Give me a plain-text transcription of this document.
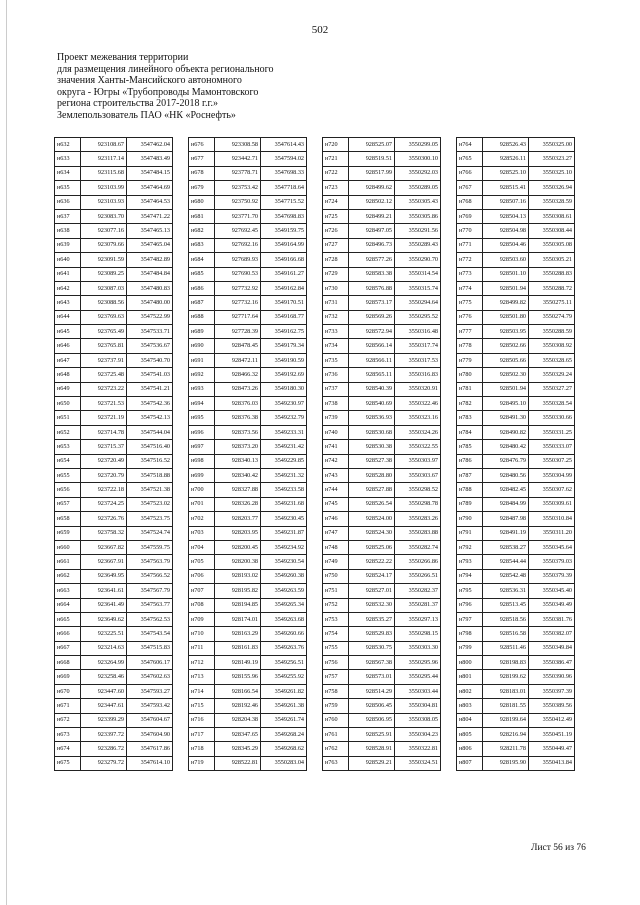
502
Проект межевания территории
для размещения линейного объекта регионального
значения Ханты-Мансийского автономного
округа - Югры «Трубопроводы Мамонтовского
региона строительства 2017-2018 г.г.»
Землепользователь ПАО «НК «Роснефть»
н632	923108.67	3547462.04
н633	923117.14	3547483.49
н634	923115.68	3547484.15
н635	923103.99	3547464.69
н636	923103.93	3547464.53
н637	923083.70	3547471.22
н638	923077.16	3547465.13
н639	923079.66	3547465.04
н640	923091.59	3547482.89
н641	923089.25	3547484.84
н642	923087.03	3547480.83
н643	923088.56	3547480.00
н644	923769.63	3547522.99
н645	923765.49	3547533.71
н646	923765.81	3547536.67
н647	923737.91	3547540.70
н648	923725.48	3547541.03
н649	923723.22	3547541.21
н650	923721.53	3547542.36
н651	923721.19	3547542.13
н652	923714.78	3547544.04
н653	923715.37	3547516.40
н654	923720.49	3547516.52
н655	923720.79	3547518.88
н656	923722.18	3547521.38
н657	923724.25	3547523.02
н658	923726.76	3547523.75
н659	923758.32	3547524.74
н660	923667.82	3547559.75
н661	923667.91	3547563.79
н662	923649.95	3547566.52
н663	923641.61	3547567.79
н664	923641.49	3547563.77
н665	923649.62	3547562.53
н666	923225.51	3547543.54
н667	923214.63	3547515.83
н668	923264.99	3547606.17
н669	923258.46	3547602.63
н670	923447.60	3547593.27
н671	923447.61	3547593.42
н672	923399.29	3547604.67
н673	923397.72	3547604.90
н674	923286.72	3547617.86
н675	923279.72	3547614.10
н676	923308.58	3547614.43
н677	923442.71	3547594.02
н678	923778.71	3547698.33
н679	923753.42	3547718.64
н680	923750.92	3547715.52
н681	923771.70	3547698.83
н682	927692.45	3549159.75
н683	927692.16	3549164.99
н684	927689.93	3549166.68
н685	927690.53	3549161.27
н686	927732.92	3549162.84
н687	927732.16	3549170.51
н688	927717.64	3549168.77
н689	927728.39	3549162.75
н690	928478.45	3549179.34
н691	928472.11	3549190.59
н692	928466.32	3549192.69
н693	928473.26	3549180.30
н694	928376.03	3549230.97
н695	928376.38	3549232.79
н696	928373.56	3549233.31
н697	928373.20	3549231.42
н698	928340.13	3549229.85
н699	928340.42	3549231.32
н700	928327.88	3549233.58
н701	928326.28	3549231.68
н702	928203.77	3549230.45
н703	928203.95	3549231.87
н704	928200.45	3549234.92
н705	928200.38	3549230.54
н706	928193.02	3549260.38
н707	928195.82	3549263.59
н708	928194.85	3549265.34
н709	928174.01	3549263.68
н710	928163.29	3549260.66
н711	928161.83	3549263.76
н712	928149.19	3549256.51
н713	928155.96	3549255.92
н714	928166.54	3549261.82
н715	928192.46	3549261.38
н716	928204.38	3549261.74
н717	928347.65	3549268.24
н718	928345.29	3549268.62
н719	928522.81	3550283.04
н720	928525.07	3550299.05
н721	928519.51	3550300.10
н722	928517.99	3550292.03
н723	928499.62	3550289.05
н724	928502.12	3550305.43
н725	928499.21	3550305.86
н726	928497.05	3550291.56
н727	928496.73	3550289.43
н728	928577.26	3550290.70
н729	928583.38	3550314.54
н730	928576.88	3550315.74
н731	928573.17	3550294.64
н732	928569.26	3550295.52
н733	928572.94	3550316.48
н734	928566.14	3550317.74
н735	928566.11	3550317.53
н736	928565.11	3550316.83
н737	928540.39	3550320.91
н738	928540.69	3550322.46
н739	928536.93	3550323.16
н740	928530.68	3550324.26
н741	928530.38	3550322.55
н742	928527.38	3550303.97
н743	928528.80	3550303.67
н744	928527.88	3550298.52
н745	928526.54	3550298.78
н746	928524.00	3550283.26
н747	928524.30	3550283.88
н748	928525.06	3550282.74
н749	928522.22	3550266.86
н750	928524.17	3550266.51
н751	928527.01	3550282.37
н752	928532.30	3550281.37
н753	928535.27	3550297.13
н754	928529.83	3550298.15
н755	928530.75	3550303.30
н756	928567.38	3550295.96
н757	928573.01	3550295.44
н758	928514.29	3550303.44
н759	928506.45	3550304.81
н760	928506.95	3550308.05
н761	928525.91	3550304.23
н762	928528.91	3550322.81
н763	928529.21	3550324.51
н764	928526.43	3550325.00
н765	928526.11	3550323.27
н766	928525.10	3550325.10
н767	928515.41	3550326.94
н768	928507.16	3550328.59
н769	928504.13	3550308.61
н770	928504.98	3550308.44
н771	928504.46	3550305.08
н772	928503.60	3550305.21
н773	928501.10	3550288.83
н774	928501.94	3550288.72
н775	928499.82	3550275.11
н776	928501.80	3550274.79
н777	928503.95	3550288.59
н778	928502.66	3550308.92
н779	928505.66	3550328.65
н780	928502.30	3550329.24
н781	928501.94	3550327.27
н782	928495.10	3550328.54
н783	928491.30	3550330.66
н784	928490.82	3550331.25
н785	928480.42	3550333.07
н786	928476.79	3550307.25
н787	928480.56	3550304.99
н788	928482.45	3550307.62
н789	928484.99	3550309.61
н790	928487.98	3550310.84
н791	928491.19	3550311.20
н792	928538.27	3550345.64
н793	928544.44	3550379.03
н794	928542.48	3550379.39
н795	928536.31	3550345.40
н796	928513.45	3550349.49
н797	928518.56	3550381.76
н798	928516.58	3550382.07
н799	928511.46	3550349.84
н800	928198.83	3550386.47
н801	928199.62	3550390.96
н802	928183.01	3550397.39
н803	928181.55	3550389.56
н804	928199.64	3550412.49
н805	928216.94	3550451.19
н806	928211.78	3550449.47
н807	928195.90	3550413.84
Лист 56 из 76
